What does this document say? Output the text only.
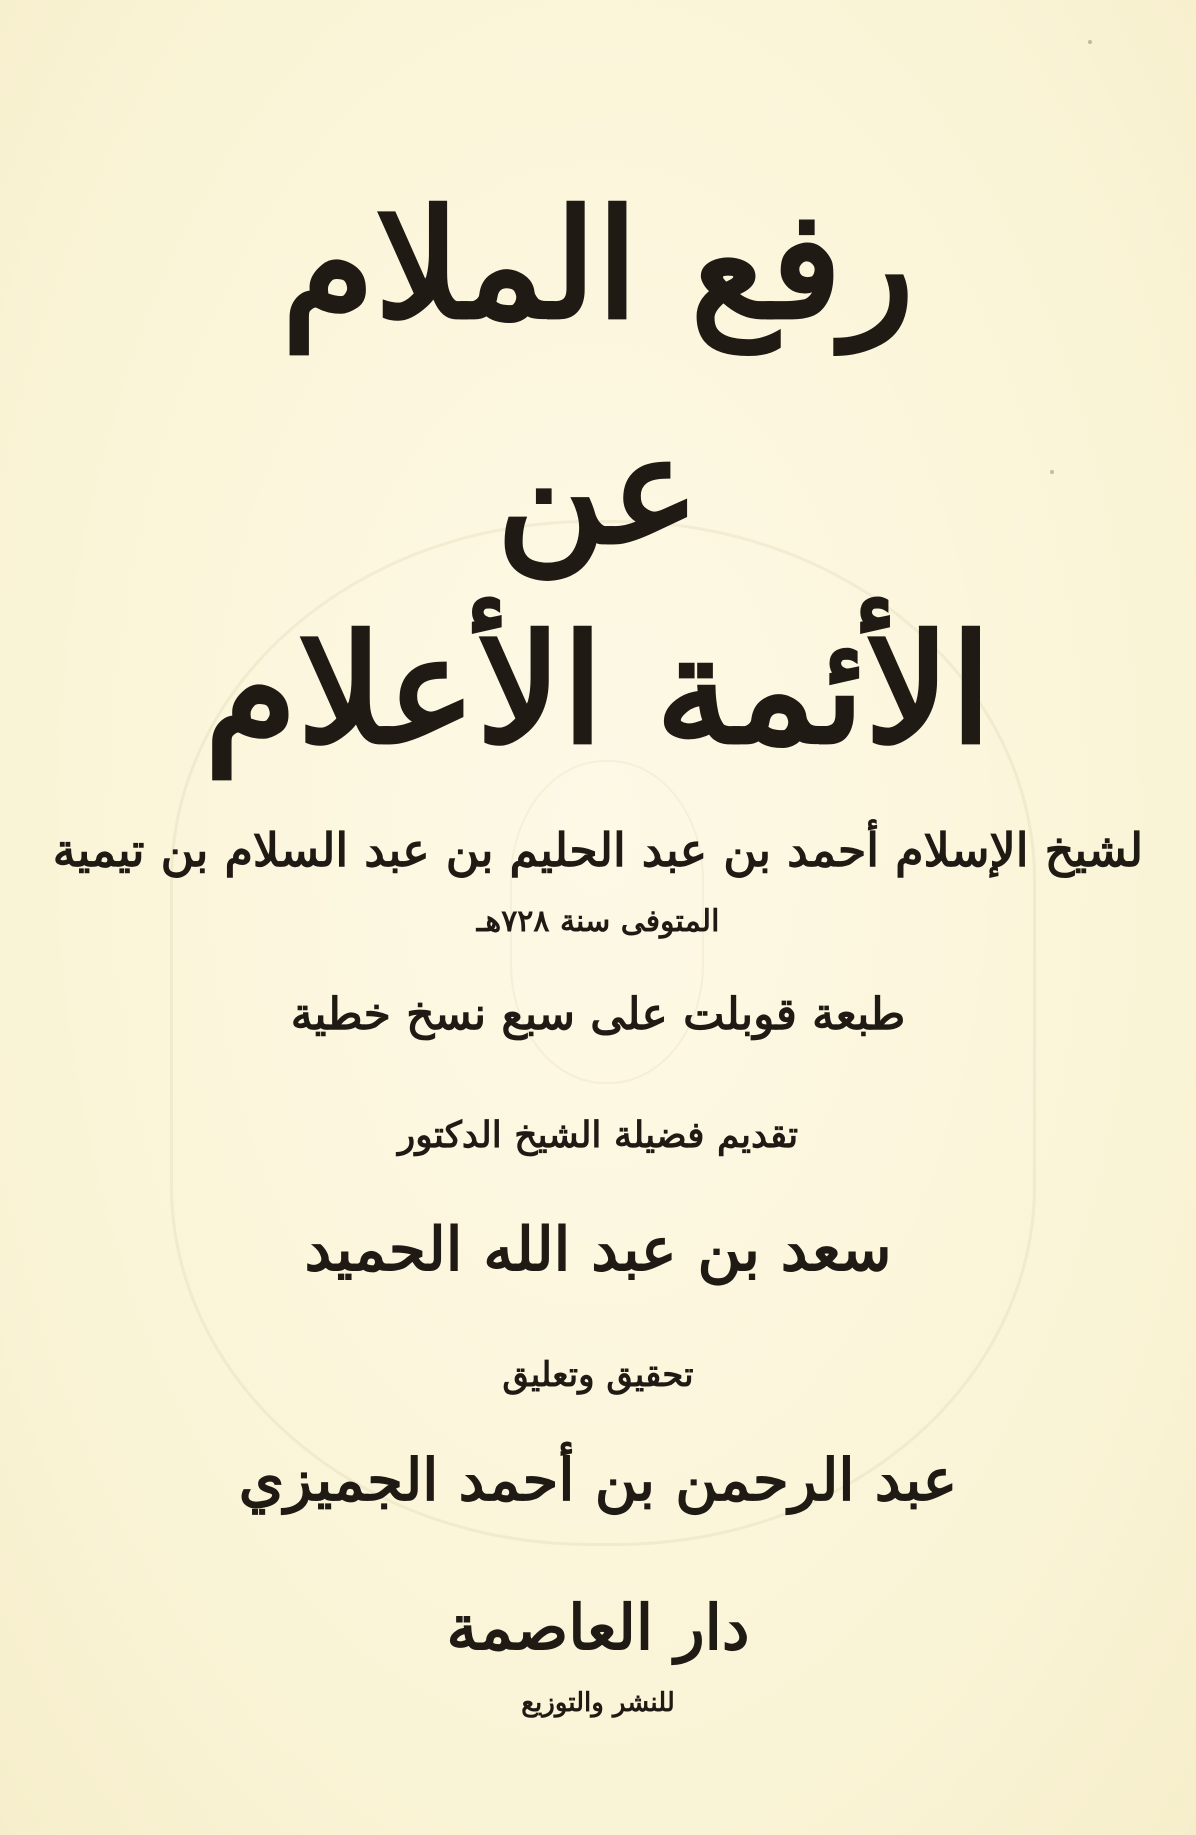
رفع الملام
عن
الأئمة الأعلام
لشيخ الإسلام أحمد بن عبد الحليم بن عبد السلام بن تيمية
المتوفى سنة ٧٢٨هـ
طبعة قوبلت على سبع نسخ خطية
تقديم فضيلة الشيخ الدكتور
سعد بن عبد الله الحميد
تحقيق وتعليق
عبد الرحمن بن أحمد الجميزي
دار العاصمة
للنشر والتوزيع
